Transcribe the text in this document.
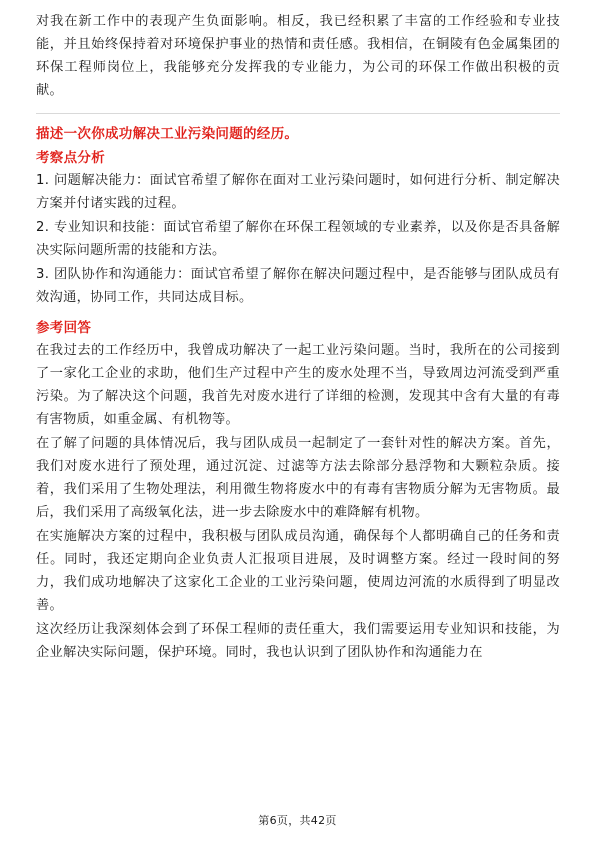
对我在新工作中的表现产生负面影响。相反，我已经积累了丰富的工作经验和专业技能，并且始终保持着对环境保护事业的热情和责任感。我相信，在铜陵有色金属集团的环保工程师岗位上，我能够充分发挥我的专业能力，为公司的环保工作做出积极的贡献。

描述一次你成功解决工业污染问题的经历。
考察点分析

1. 问题解决能力：面试官希望了解你在面对工业污染问题时，如何进行分析、制定解决方案并付诸实践的过程。

2. 专业知识和技能：面试官希望了解你在环保工程领域的专业素养，以及你是否具备解决实际问题所需的技能和方法。

3. 团队协作和沟通能力：面试官希望了解你在解决问题过程中，是否能够与团队成员有效沟通，协同工作，共同达成目标。

参考回答

在我过去的工作经历中，我曾成功解决了一起工业污染问题。当时，我所在的公司接到了一家化工企业的求助，他们生产过程中产生的废水处理不当，导致周边河流受到严重污染。为了解决这个问题，我首先对废水进行了详细的检测，发现其中含有大量的有毒有害物质，如重金属、有机物等。

在了解了问题的具体情况后，我与团队成员一起制定了一套针对性的解决方案。首先，我们对废水进行了预处理，通过沉淀、过滤等方法去除部分悬浮物和大颗粒杂质。接着，我们采用了生物处理法，利用微生物将废水中的有毒有害物质分解为无害物质。最后，我们采用了高级氧化法，进一步去除废水中的难降解有机物。

在实施解决方案的过程中，我积极与团队成员沟通，确保每个人都明确自己的任务和责任。同时，我还定期向企业负责人汇报项目进展，及时调整方案。经过一段时间的努力，我们成功地解决了这家化工企业的工业污染问题，使周边河流的水质得到了明显改善。

这次经历让我深刻体会到了环保工程师的责任重大，我们需要运用专业知识和技能，为企业解决实际问题，保护环境。同时，我也认识到了团队协作和沟通能力在

第6页，共42页
